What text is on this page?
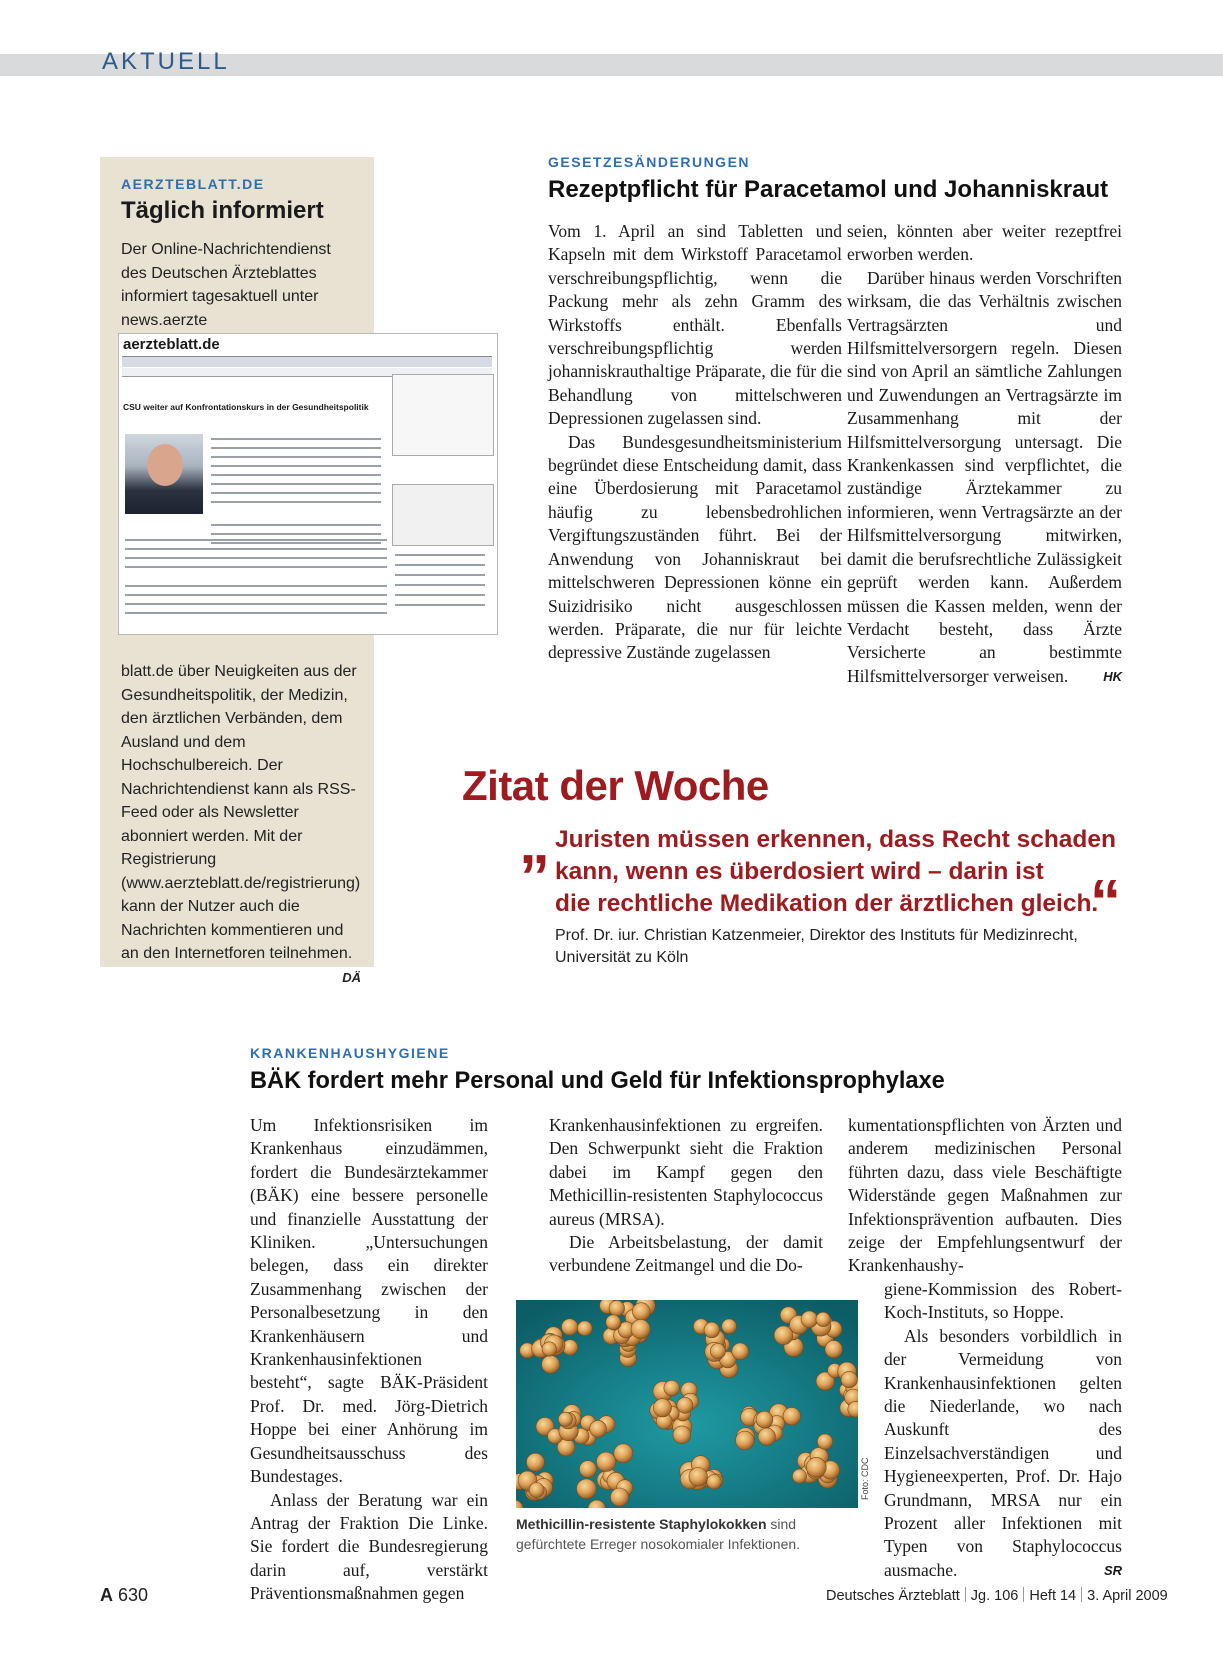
AKTUELL
AERZTEBLATT.DE
Täglich informiert

Der Online-Nachrichtendienst des Deutschen Ärzteblattes informiert tagesaktuell unter news.aerzte

aerzteblatt.de
CSU weiter auf Konfrontationskurs in der Gesundheitspolitik

blatt.de über Neuigkeiten aus der Gesundheitspolitik, der Medizin, den ärztlichen Verbänden, dem Ausland und dem Hochschulbereich. Der Nachrichtendienst kann als RSS-Feed oder als Newsletter abonniert werden. Mit der Registrierung (www.aerzteblatt.de/registrierung) kann der Nutzer auch die Nachrichten kommentieren und an den Internetforen teilnehmen.
DÄ

GESETZESÄNDERUNGEN
Rezeptpflicht für Paracetamol und Johanniskraut

Vom 1. April an sind Tabletten und Kapseln mit dem Wirkstoff Paracetamol verschreibungspflichtig, wenn die Packung mehr als zehn Gramm des Wirkstoffs enthält. Ebenfalls verschreibungspflichtig werden johanniskrauthaltige Präparate, die für die Behandlung von mittelschweren Depressionen zugelassen sind.

Das Bundesgesundheitsministerium begründet diese Entscheidung damit, dass eine Überdosierung mit Paracetamol häufig zu lebensbedrohlichen Vergiftungszuständen führt. Bei der Anwendung von Johanniskraut bei mittelschweren Depressionen könne ein Suizidrisiko nicht ausgeschlossen werden. Präparate, die nur für leichte depressive Zustände zugelassen

seien, könnten aber weiter rezeptfrei erworben werden.

Darüber hinaus werden Vorschriften wirksam, die das Verhältnis zwischen Vertragsärzten und Hilfsmittelversorgern regeln. Diesen sind von April an sämtliche Zahlungen und Zuwendungen an Vertragsärzte im Zusammenhang mit der Hilfsmittelversorgung untersagt. Die Krankenkassen sind verpflichtet, die zuständige Ärztekammer zu informieren, wenn Vertragsärzte an der Hilfsmittelversorgung mitwirken, damit die berufsrechtliche Zulässigkeit geprüft werden kann. Außerdem müssen die Kassen melden, wenn der Verdacht besteht, dass Ärzte Versicherte an bestimmte Hilfsmittelversorger verweisen.	HK

Zitat der Woche
„ Juristen müssen erkennen, dass Recht schaden
kann, wenn es überdosiert wird – darin ist
die rechtliche Medikation der ärztlichen gleich.
“
Prof. Dr. iur. Christian Katzenmeier, Direktor des Instituts für Medizinrecht, Universität zu Köln
KRANKENHAUSHYGIENE
BÄK fordert mehr Personal und Geld für Infektionsprophylaxe

Um Infektionsrisiken im Krankenhaus einzudämmen, fordert die Bundesärztekammer (BÄK) eine bessere personelle und finanzielle Ausstattung der Kliniken. „Untersuchungen belegen, dass ein direkter Zusammenhang zwischen der Personalbesetzung in den Krankenhäusern und Krankenhausinfektionen besteht“, sagte BÄK-Präsident Prof. Dr. med. Jörg-Dietrich Hoppe bei einer Anhörung im Gesundheitsausschuss des Bundestages.

Anlass der Beratung war ein Antrag der Fraktion Die Linke. Sie fordert die Bundesregierung darin auf, verstärkt Präventionsmaßnahmen gegen

Krankenhausinfektionen zu ergreifen. Den Schwerpunkt sieht die Fraktion dabei im Kampf gegen den Methicillin-resistenten Staphylococcus aureus (MRSA).

Die Arbeitsbelastung, der damit verbundene Zeitmangel und die Do-

kumentationspflichten von Ärzten und anderem medizinischen Personal führten dazu, dass viele Beschäftigte Widerstände gegen Maßnahmen zur Infektionsprävention aufbauten. Dies zeige der Empfehlungsentwurf der Krankenhaushy-

giene-Kommission des Robert-Koch-Instituts, so Hoppe.

Als besonders vorbildlich in der Vermeidung von Krankenhausinfektionen gelten die Niederlande, wo nach Auskunft des Einzelsachverständigen und Hygieneexperten, Prof. Dr. Hajo Grundmann, MRSA nur ein Prozent aller Infektionen mit Typen von Staphylococcus ausmache.	SR

Foto: CDC
Methicillin-resistente Staphylokokken sind gefürchtete Erreger nosokomialer Infektionen.
A 630	Deutsches Ärzteblatt Jg. 106 Heft 14 3. April 2009
